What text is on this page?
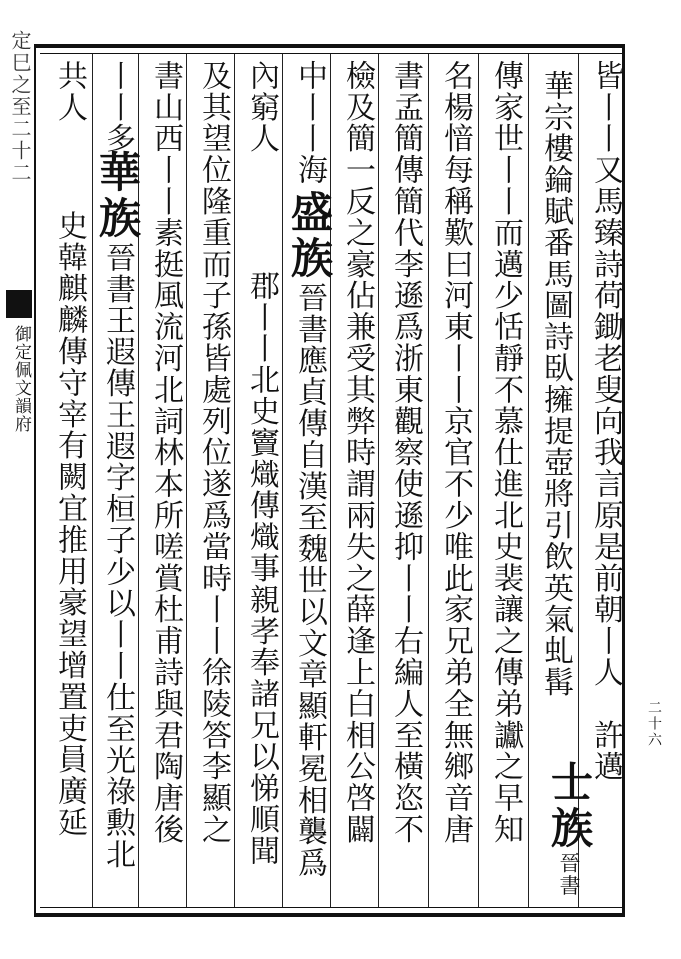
定巳之至二十二
御定佩文韻府
二十六
皆丨丨又馬臻詩荷鋤老叟向我言原是前朝丨人　許邁
華宗樓錀賦番馬圖詩臥擁提壺將引飲英氣虬髯
士族晉書
傳家世丨丨而邁少恬靜不慕仕進北史裴讓之傳弟讞之早知
名楊愔每稱歎曰河東丨丨京官不少唯此家兄弟全無鄉音唐
書孟簡傳簡代李遜爲浙東觀察使遜抑丨丨右編人至橫恣不
檢及簡一反之豪佔兼受其弊時謂兩失之薛逢上白相公啓闢
中丨丨海
盛族晉書應貞傳自漢至魏世以文章顯軒冕相襲爲
內窮人
郡丨丨北史竇熾傳熾事親孝奉諸兄以悌順聞
及其望位隆重而子孫皆處列位遂爲當時丨丨徐陵答李顯之
書山西丨丨素挺風流河北詞林本所嗟賞杜甫詩與君陶唐後
丨丨多
華族晉書王遐傳王遐字桓子少以丨丨仕至光祿勲北
共人
史韓麒麟傳守宰有闕宜推用豪望增置吏員廣延
